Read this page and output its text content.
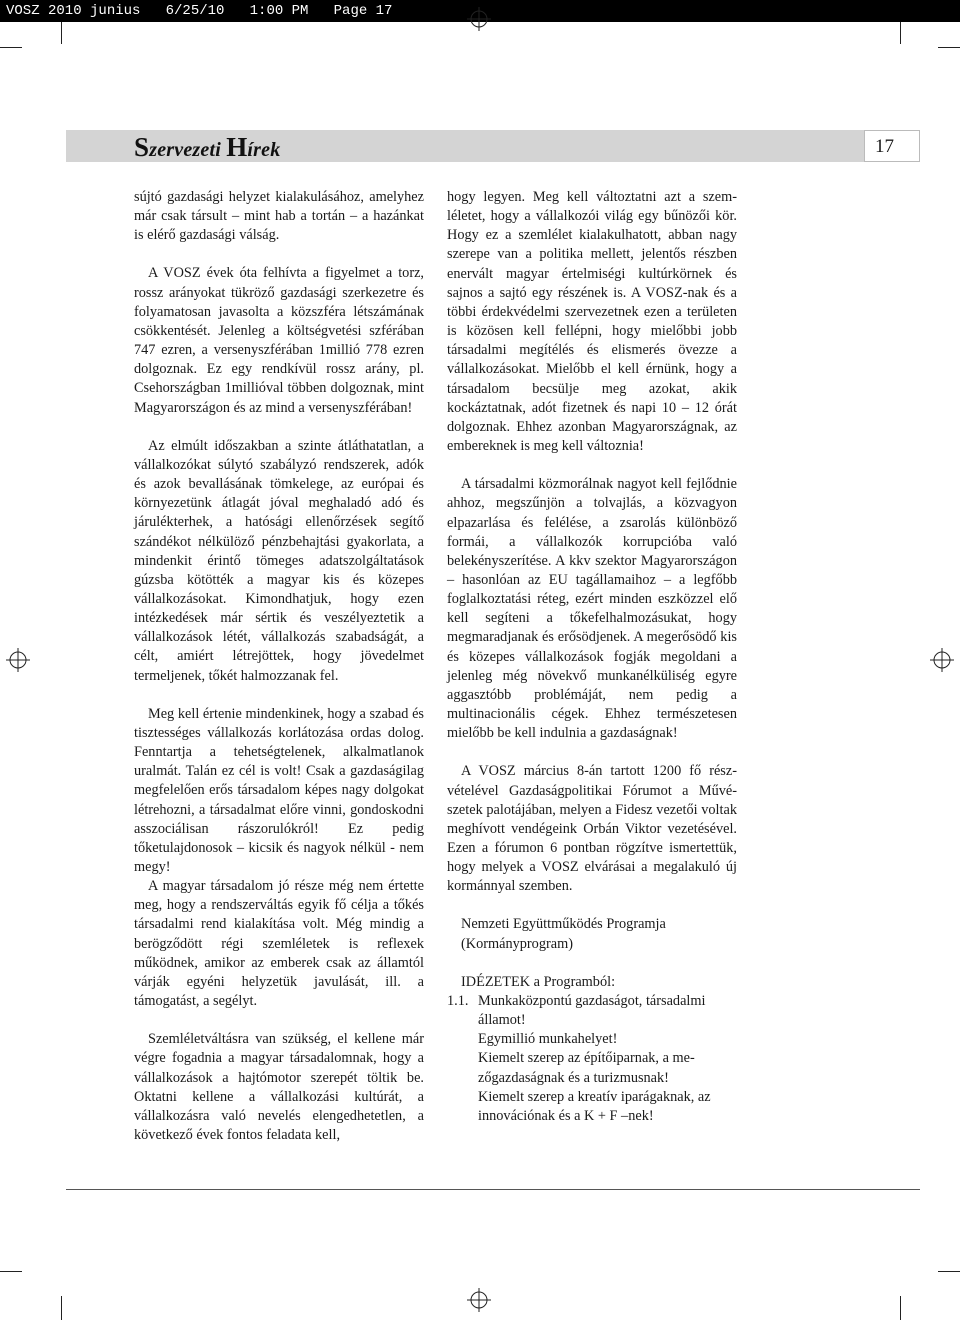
VOSZ 2010 junius   6/25/10   1:00 PM   Page 17
Szervezeti Hírek	17

sújtó gazdasági helyzet kialakulásához, amelyhez már csak társult – mint hab a tortán – a hazánkat is elérő gazdasági válság.

A VOSZ évek óta felhívta a figyelmet a torz, rossz arányokat tükröző gazdasági szerkezetre és folyamatosan javasolta a közszféra létszámának csökkentését. Jelenleg a költségvetési szférában 747 ezren, a versenyszférában 1millió 778 ezren dolgoznak. Ez egy rendkívül rossz arány, pl. Csehországban 1millióval többen dolgoznak, mint Magyarországon és az mind a versenyszférában!

Az elmúlt időszakban a szinte átláthatatlan, a vállalkozókat súlytó szabályzó rendszerek, adók és azok bevallásának tömkelege, az európai és környezetünk átlagát jóval meghaladó adó és járulékterhek, a hatósági ellenőrzések segítő szándékot nélkülöző pénzbehajtási gyakorlata, a mindenkit érintő tömeges adatszolgáltatások gúzsba kötötték a magyar kis és közepes vállalkozásokat. Kimondhatjuk, hogy ezen intézkedések már sértik és veszélyeztetik a vállalkozások létét, vállalkozás szabadságát, a célt, amiért létrejöttek, hogy jövedelmet termeljenek, tőkét halmozzanak fel.

Meg kell értenie mindenkinek, hogy a szabad és tisztességes vállalkozás korlátozása ordas dolog. Fenntartja a tehetségtelenek, alkalmatlanok uralmát. Talán ez cél is volt! Csak a gazdaságilag megfelelően erős társadalom képes nagy dolgokat létrehozni, a társadalmat előre vinni, gondoskodni asszociálisan rászorulókról! Ez pedig tőketulajdonosok – kicsik és nagyok nélkül - nem megy!

A magyar társadalom jó része még nem értette meg, hogy a rendszerváltás egyik fő célja a tőkés társadalmi rend kialakítása volt. Még mindig a berögződött régi szemléletek is reflexek működnek, amikor az emberek csak az államtól várják egyéni helyzetük javulását, ill. a támogatást, a segélyt.

Szemléletváltásra van szükség, el kellene már végre fogadnia a magyar társadalomnak, hogy a vállalkozások a hajtómotor szerepét töltik be. Oktatni kellene a vállalkozási kultúrát, a vállalkozásra való nevelés elengedhetetlen, a következő évek fontos feladata kell,

hogy legyen. Meg kell változtatni azt a szemléletet, hogy a vállalkozói világ egy bűnözői kör. Hogy ez a szemlélet kialakulhatott, abban nagy szerepe van a politika mellett, jelentős részben enervált magyar értelmiségi kultúrkörnek és sajnos a sajtó egy részének is. A VOSZ-nak és a többi érdekvédelmi szervezetnek ezen a területen is közösen kell fellépni, hogy mielőbbi jobb társadalmi megítélés és elismerés övezze a vállalkozásokat. Mielőbb el kell érnünk, hogy a társadalom becsülje meg azokat, akik kockáztatnak, adót fizetnek és napi 10 – 12 órát dolgoznak. Ehhez azonban Magyarországnak, az embereknek is meg kell változnia!

A társadalmi közmorálnak nagyot kell fejlődnie ahhoz, megszűnjön a tolvajlás, a közvagyon elpazarlása és felélése, a zsarolás különböző formái, a vállalkozók korrupcióba való belekényszerítése. A kkv szektor Magyarországon – hasonlóan az EU tagállamaihoz – a legfőbb foglalkoztatási réteg, ezért minden eszközzel elő kell segíteni a tőkefelhalmozásukat, hogy megmaradjanak és erősödjenek. A megerősödő kis és közepes vállalkozások fogják megoldani a jelenleg még növekvő munkanélküliség egyre aggasztóbb problémáját, nem pedig a multinacionális cégek. Ehhez természetesen mielőbb be kell indulnia a gazdaságnak!

A VOSZ március 8-án tartott 1200 fő részvételével Gazdaságpolitikai Fórumot a Művészetek palotájában, melyen a Fidesz vezetői voltak meghívott vendégeink Orbán Viktor vezetésével. Ezen a fórumon 6 pontban rögzítve ismertettük, hogy melyek a VOSZ elvárásai a megalakuló új kormánnyal szemben.

Nemzeti Együttműködés Programja

(Kormányprogram)

IDÉZETEK a Programból:

1.1. Munkaközpontú gazdaságot, társadalmi államot!
Egymillió munkahelyet!
Kiemelt szerep az építőiparnak, a mezőgazdaságnak és a turizmusnak!
Kiemelt szerep a kreatív iparágaknak, az innovációnak és a K + F –nek!
